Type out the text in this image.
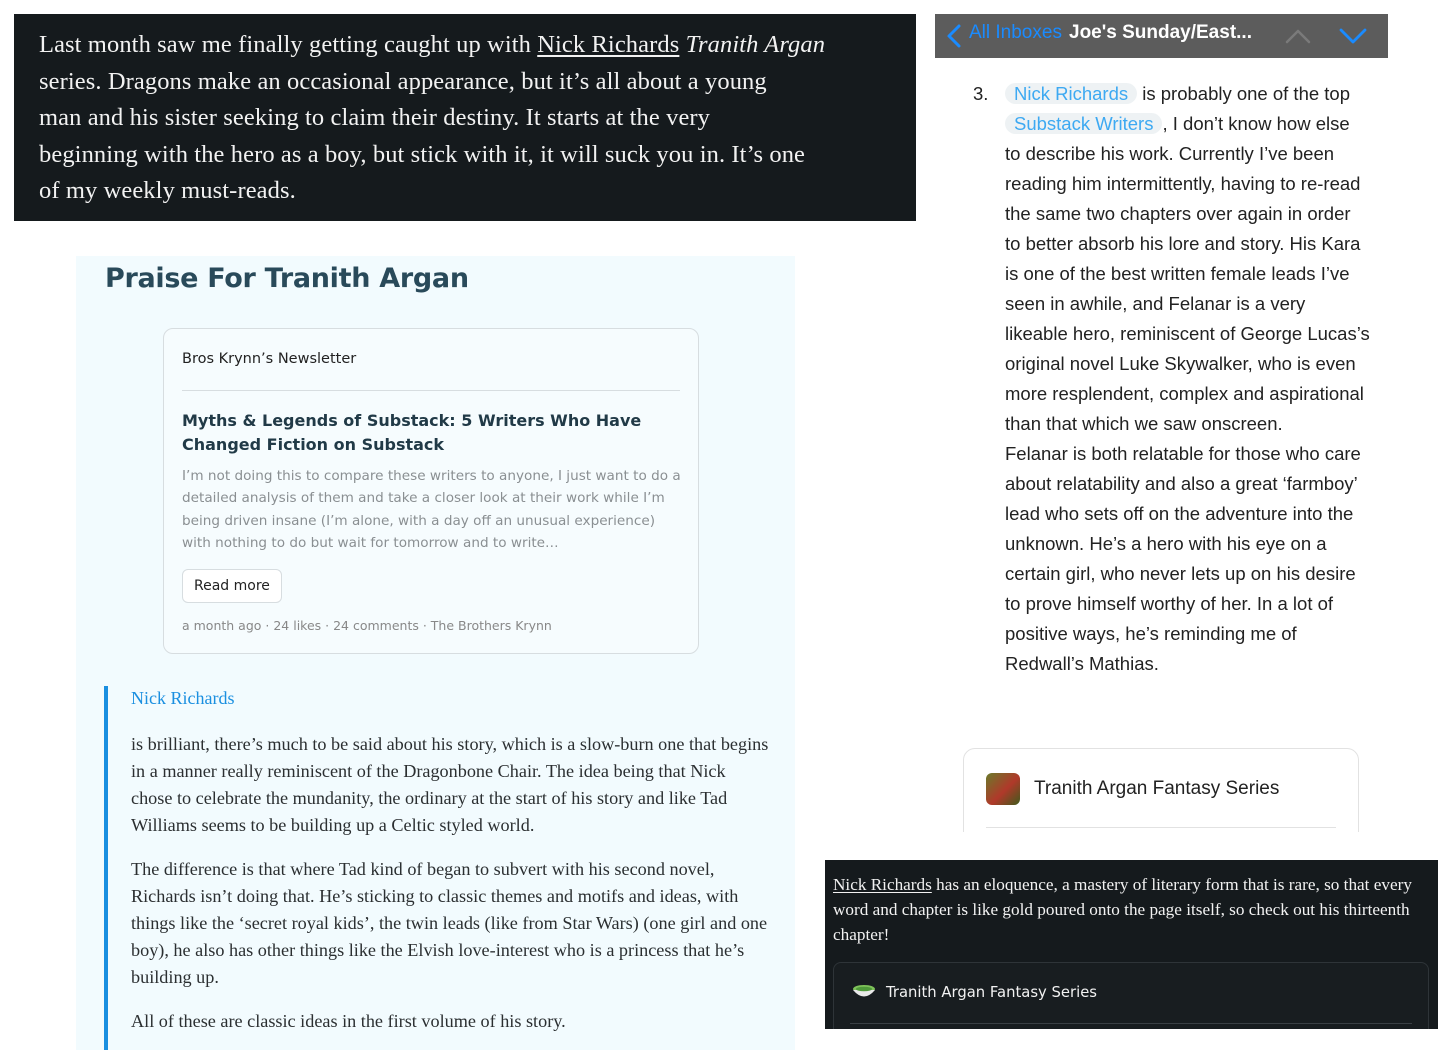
Last month saw me finally getting caught up with Nick Richards Tranith Argan
series. Dragons make an occasional appearance, but it’s all about a young
man and his sister seeking to claim their destiny. It starts at the very
beginning with the hero as a boy, but stick with it, it will suck you in. It’s one
of my weekly must-reads.

Praise For Tranith Argan
Bros Krynn’s Newsletter
Myths & Legends of Substack: 5 Writers Who Have Changed Fiction on Substack
I’m not doing this to compare these writers to anyone, I just want to do a detailed analysis of them and take a closer look at their work while I’m being driven insane (I’m alone, with a day off an unusual experience) with nothing to do but wait for tomorrow and to write…
Read more
a month ago · 24 likes · 24 comments · The Brothers Krynn
Nick Richards

is brilliant, there’s much to be said about his story, which is a slow-burn one that begins in a manner really reminiscent of the Dragonbone Chair. The idea being that Nick chose to celebrate the mundanity, the ordinary at the start of his story and like Tad Williams seems to be building up a Celtic styled world.

The difference is that where Tad kind of began to subvert with his second novel, Richards isn’t doing that. He’s sticking to classic themes and motifs and ideas, with things like the ‘secret royal kids’, the twin leads (like from Star Wars) (one girl and one boy), he also has other things like the Elvish love-interest who is a princess that he’s building up.

All of these are classic ideas in the first volume of his story.

All Inboxes Joe's Sunday/East...
3.	Nick Richards is probably one of the top Substack Writers , I don’t know how else to describe his work. Currently I’ve been reading him intermittently, having to re-read the same two chapters over again in order to better absorb his lore and story. His Kara is one of the best written female leads I’ve seen in awhile, and Felanar is a very likeable hero, reminiscent of George Lucas’s original novel Luke Skywalker, who is even more resplendent, complex and aspirational than that which we saw onscreen.

Felanar is both relatable for those who care about relatability and also a great ‘farmboy’ lead who sets off on the adventure into the unknown. He’s a hero with his eye on a certain girl, who never lets up on his desire to prove himself worthy of her. In a lot of positive ways, he’s reminding me of Redwall’s Mathias.

Tranith Argan Fantasy Series

Nick Richards has an eloquence, a mastery of literary form that is rare, so that every word and chapter is like gold poured onto the page itself, so check out his thirteenth chapter!

Tranith Argan Fantasy Series
